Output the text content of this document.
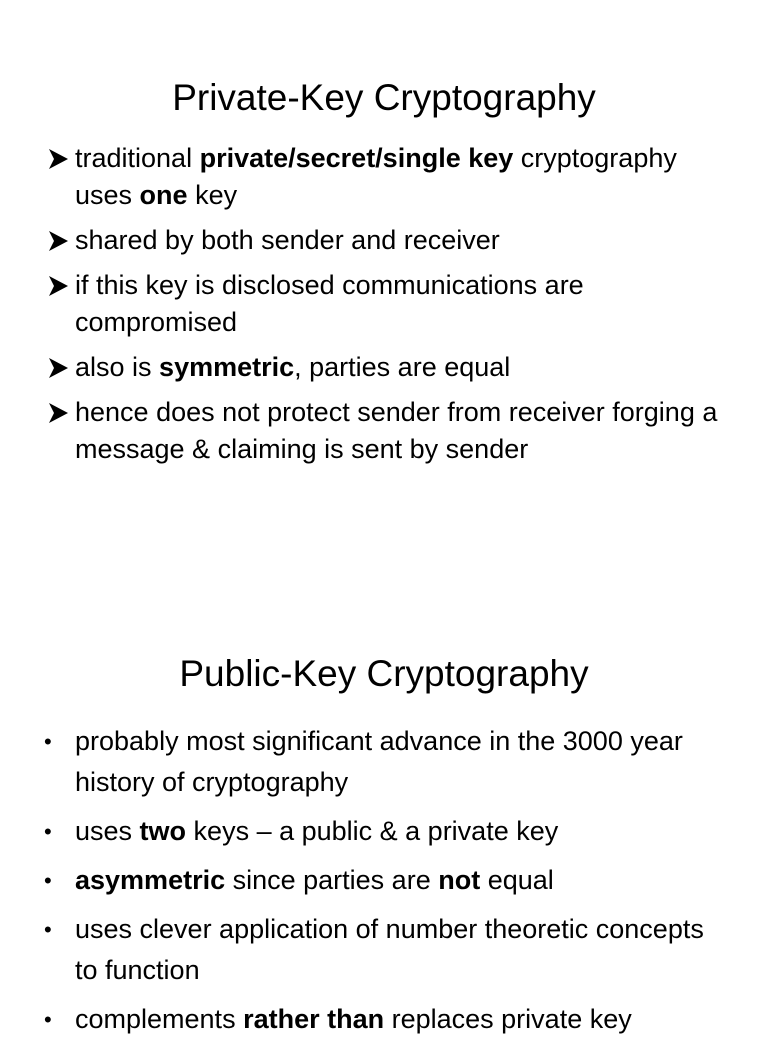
Private-Key Cryptography
traditional private/secret/single key cryptography uses one key
shared by both sender and receiver
if this key is disclosed communications are compromised
also is symmetric, parties are equal
hence does not protect sender from receiver forging a message & claiming is sent by sender
Public-Key Cryptography
• probably most significant advance in the 3000 year history of cryptography
• uses two keys – a public & a private key
• asymmetric since parties are not equal
• uses clever application of number theoretic concepts to function
• complements rather than replaces private key
